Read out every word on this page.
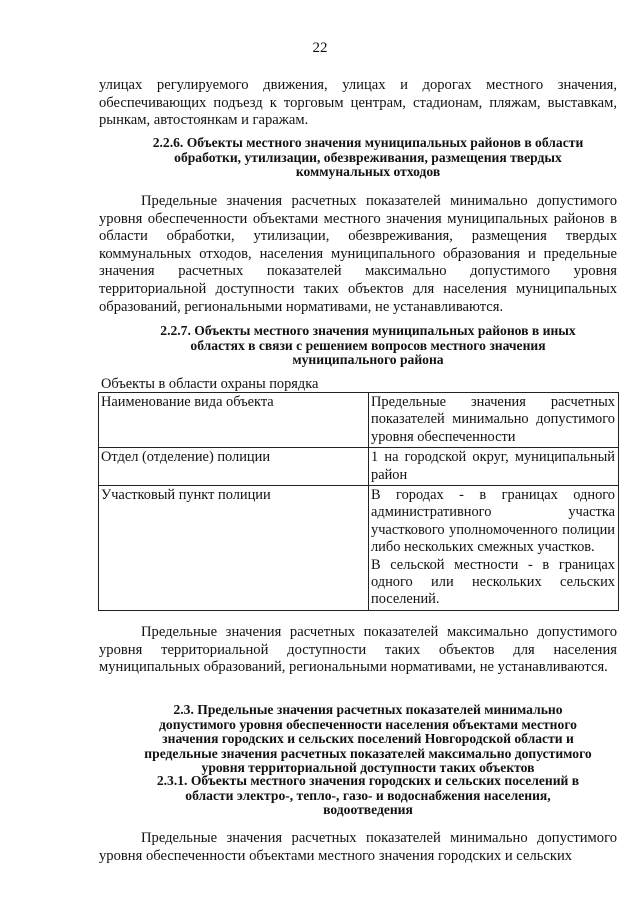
22
улицах регулируемого движения, улицах и дорогах местного значения, обеспечивающих подъезд к торговым центрам, стадионам, пляжам, выставкам, рынкам, автостоянкам и гаражам.
2.2.6. Объекты местного значения муниципальных районов в области
обработки, утилизации, обезвреживания, размещения твердых
коммунальных отходов
Предельные значения расчетных показателей минимально допустимого уровня обеспеченности объектами местного значения муниципальных районов в области обработки, утилизации, обезвреживания, размещения твердых коммунальных отходов, населения муниципального образования и предельные значения расчетных показателей максимально допустимого уровня территориальной доступности таких объектов для населения муниципальных образований, региональными нормативами, не устанавливаются.
2.2.7. Объекты местного значения муниципальных районов в иных
областях в связи с решением вопросов местного значения
муниципального района
Объекты в области охраны порядка
Наименование вида объекта	Предельные значения расчетных показателей минимально допустимого уровня обеспеченности
Отдел (отделение) полиции	1 на городской округ, муниципальный район

Участковый пункт полиции	В городах - в границах одного административного участка участкового уполномоченного полиции либо нескольких смежных участков.

В сельской местности - в границах одного или нескольких сельских поселений.

Предельные значения расчетных показателей максимально допустимого уровня территориальной доступности таких объектов для населения муниципальных образований, региональными нормативами, не устанавливаются.
2.3. Предельные значения расчетных показателей минимально
допустимого уровня обеспеченности населения объектами местного
значения городских и сельских поселений Новгородской области и
предельные значения расчетных показателей максимально допустимого
уровня территориальной доступности таких объектов
2.3.1. Объекты местного значения городских и сельских поселений в
области электро-, тепло-, газо- и водоснабжения населения,
водоотведения
Предельные значения расчетных показателей минимально допустимого уровня обеспеченности объектами местного значения городских и сельских
